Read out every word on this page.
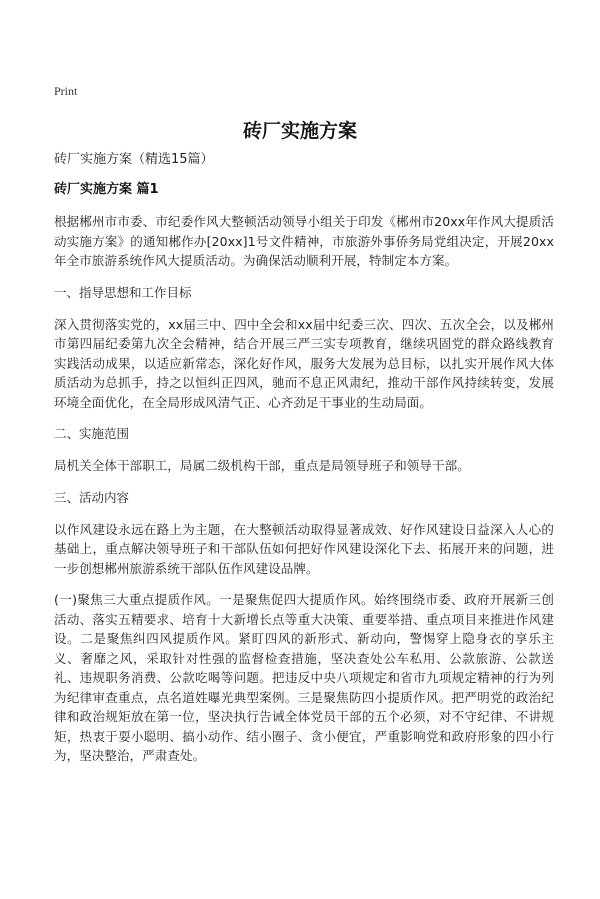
Print
砖厂实施方案

砖厂实施方案（精选15篇）

砖厂实施方案 篇1

根据郴州市市委、市纪委作风大整顿活动领导小组关于印发《郴州市20xx年作风大提质活动实施方案》的通知郴作办[20xx]1号文件精神，市旅游外事侨务局党组决定，开展20xx年全市旅游系统作风大提质活动。为确保活动顺利开展，特制定本方案。

一、指导思想和工作目标

深入贯彻落实党的，xx届三中、四中全会和xx届中纪委三次、四次、五次全会，以及郴州市第四届纪委第九次全会精神，结合开展三严三实专项教育，继续巩固党的群众路线教育实践活动成果，以适应新常态，深化好作风，服务大发展为总目标，以扎实开展作风大体质活动为总抓手，持之以恒纠正四风，驰而不息正风肃纪，推动干部作风持续转变，发展环境全面优化，在全局形成风清气正、心齐劲足干事业的生动局面。

二、实施范围

局机关全体干部职工，局属二级机构干部，重点是局领导班子和领导干部。

三、活动内容

以作风建设永远在路上为主题，在大整顿活动取得显著成效、好作风建设日益深入人心的基础上，重点解决领导班子和干部队伍如何把好作风建设深化下去、拓展开来的问题，进一步创想郴州旅游系统干部队伍作风建设品牌。

(一)聚焦三大重点提质作风。一是聚焦促四大提质作风。始终围绕市委、政府开展新三创活动、落实五精要求、培育十大新增长点等重大决策、重要举措、重点项目来推进作风建设。二是聚焦纠四风提质作风。紧盯四风的新形式、新动向，警惕穿上隐身衣的享乐主义、奢靡之风，采取针对性强的监督检查措施，坚决查处公车私用、公款旅游、公款送礼、违规职务消费、公款吃喝等问题。把违反中央八项规定和省市九项规定精神的行为列为纪律审查重点，点名道姓曝光典型案例。三是聚焦防四小提质作风。把严明党的政治纪律和政治规矩放在第一位，坚决执行告诫全体党员干部的五个必须，对不守纪律、不讲规矩，热衷于耍小聪明、搞小动作、结小圈子、贪小便宜，严重影响党和政府形象的四小行为，坚决整治，严肃查处。
